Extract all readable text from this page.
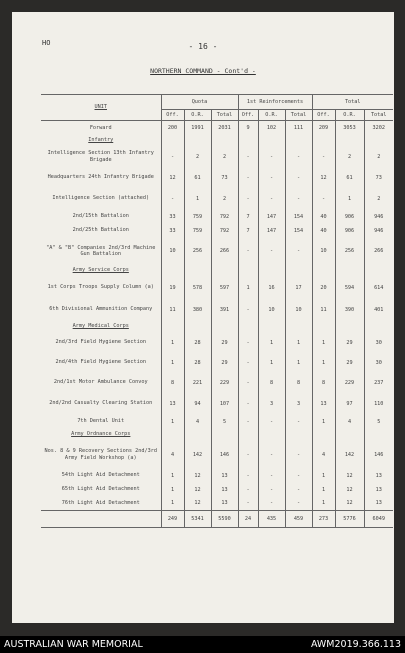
HO	- 16 -
NORTHERN COMMAND - Cont'd -
UNIT	Quota			1st Reinforcements			Total		
	Off.	O.R.	Total	Off.	O.R.	Total	Off.	O.R.	Total
Forward	200	1991	2031	9	102	111	209	3053	3202
Infantry									
Intelligence Section 13th Infantry Brigade	-	2	2	-	-	-	-	2	2
Headquarters 24th Infantry Brigade	12	61	73	-	-	-	12	61	73
Intelligence Section (attached)	-	1	2	-	-	-	-	1	2
2nd/15th Battalion	33	759	792	7	147	154	40	906	946
2nd/25th Battalion	33	759	792	7	147	154	40	906	946
"A" & "B" Companies 2nd/3rd Machine Gun Battalion	10	256	266	-	-	-	10	256	266
Army Service Corps									
1st Corps Troops Supply Column (a)	19	578	597	1	16	17	20	594	614
6th Divisional Ammunition Company	11	380	391	-	10	10	11	390	401
Army Medical Corps									
2nd/3rd Field Hygiene Section	1	28	29	-	1	1	1	29	30
2nd/4th Field Hygiene Section	1	28	29	-	1	1	1	29	30
2nd/1st Motor Ambulance Convoy	8	221	229	-	8	8	8	229	237
2nd/2nd Casualty Clearing Station	13	94	107	-	3	3	13	97	110
7th Dental Unit	1	4	5	-	-	-	1	4	5
Army Ordnance Corps									
Nos. 8 & 9 Recovery Sections 2nd/3rd Army Field Workshop (a)	4	142	146	-	-	-	4	142	146
54th Light Aid Detachment	1	12	13	-	-	-	1	12	13
65th Light Aid Detachment	1	12	13	-	-	-	1	12	13
76th Light Aid Detachment	1	12	13	-	-	-	1	12	13
	249	5341	5590	24	435	459	273	5776	6049
AUSTRALIAN WAR MEMORIAL	AWM2019.366.113
